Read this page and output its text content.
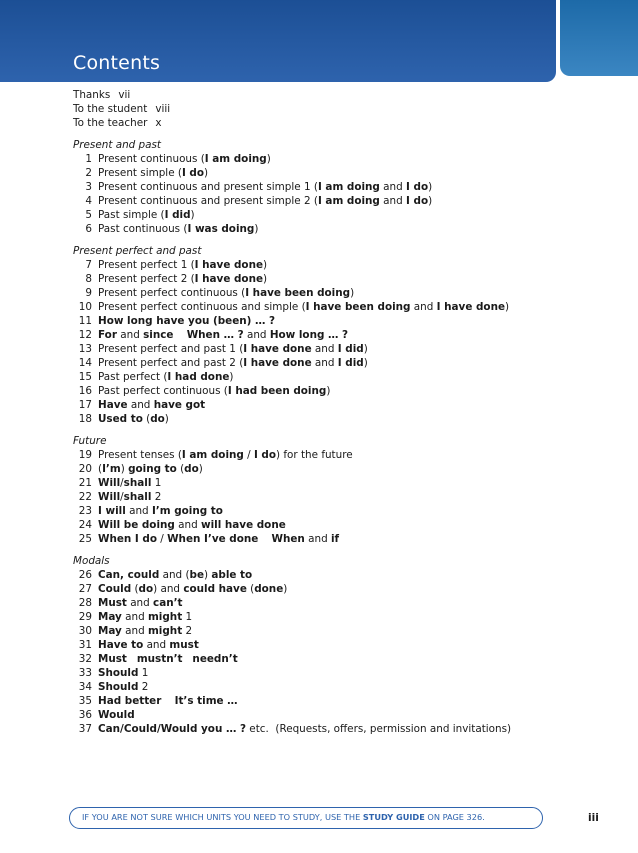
Contents
Thanks vii
To the student viii
To the teacher x
Present and past
1 Present continuous (I am doing)
2 Present simple (I do)
3 Present continuous and present simple 1 (I am doing and I do)
4 Present continuous and present simple 2 (I am doing and I do)
5 Past simple (I did)
6 Past continuous (I was doing)
Present perfect and past
7 Present perfect 1 (I have done)
8 Present perfect 2 (I have done)
9 Present perfect continuous (I have been doing)
10 Present perfect continuous and simple (I have been doing and I have done)
11 How long have you (been) … ?
12 For and since When … ? and How long … ?
13 Present perfect and past 1 (I have done and I did)
14 Present perfect and past 2 (I have done and I did)
15 Past perfect (I had done)
16 Past perfect continuous (I had been doing)
17 Have and have got
18 Used to (do)
Future
19 Present tenses (I am doing / I do) for the future
20 (I’m) going to (do)
21 Will/shall 1
22 Will/shall 2
23 I will and I’m going to
24 Will be doing and will have done
25 When I do / When I’ve done When and if
Modals
26 Can, could and (be) able to
27 Could (do) and could have (done)
28 Must and can’t
29 May and might 1
30 May and might 2
31 Have to and must
32 Must mustn’t needn’t
33 Should 1
34 Should 2
35 Had better It’s time …
36 Would
37 Can/Could/Would you … ? etc.  (Requests, offers, permission and invitations)
IF YOU ARE NOT SURE WHICH UNITS YOU NEED TO STUDY, USE THE STUDY GUIDE ON PAGE 326.	iii
